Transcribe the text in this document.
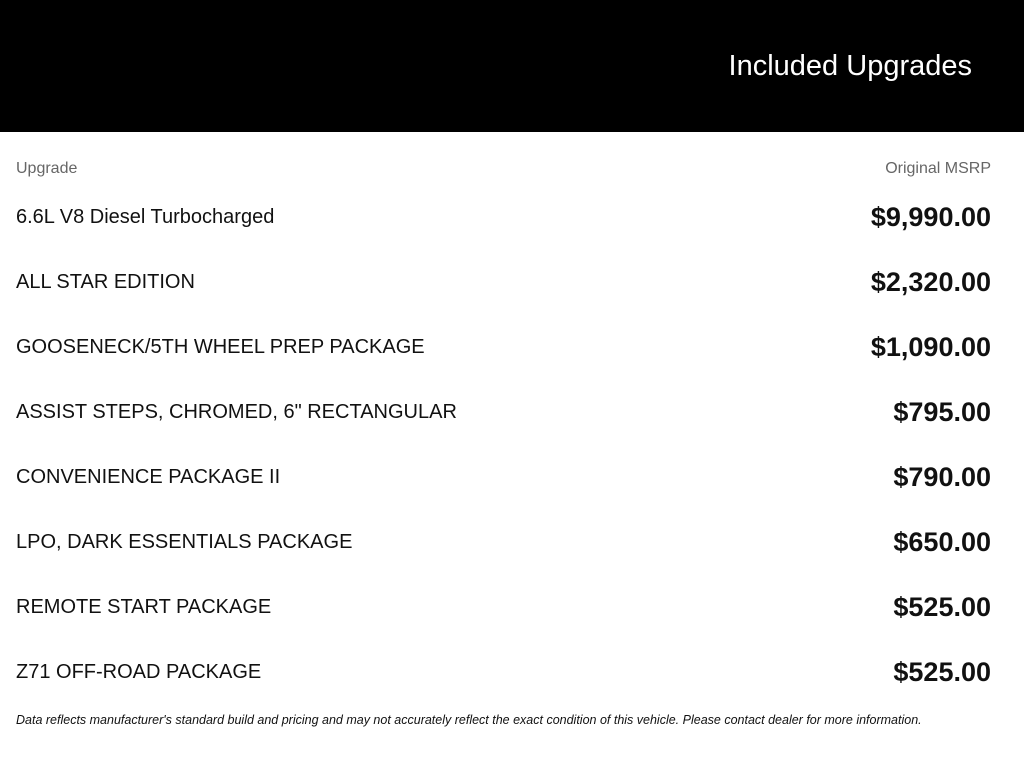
Included Upgrades
Upgrade	Original MSRP
6.6L V8 Diesel Turbocharged	$9,990.00
ALL STAR EDITION	$2,320.00
GOOSENECK/5TH WHEEL PREP PACKAGE	$1,090.00
ASSIST STEPS, CHROMED, 6" RECTANGULAR	$795.00
CONVENIENCE PACKAGE II	$790.00
LPO, DARK ESSENTIALS PACKAGE	$650.00
REMOTE START PACKAGE	$525.00
Z71 OFF-ROAD PACKAGE	$525.00
Data reflects manufacturer's standard build and pricing and may not accurately reflect the exact condition of this vehicle. Please contact dealer for more information.
